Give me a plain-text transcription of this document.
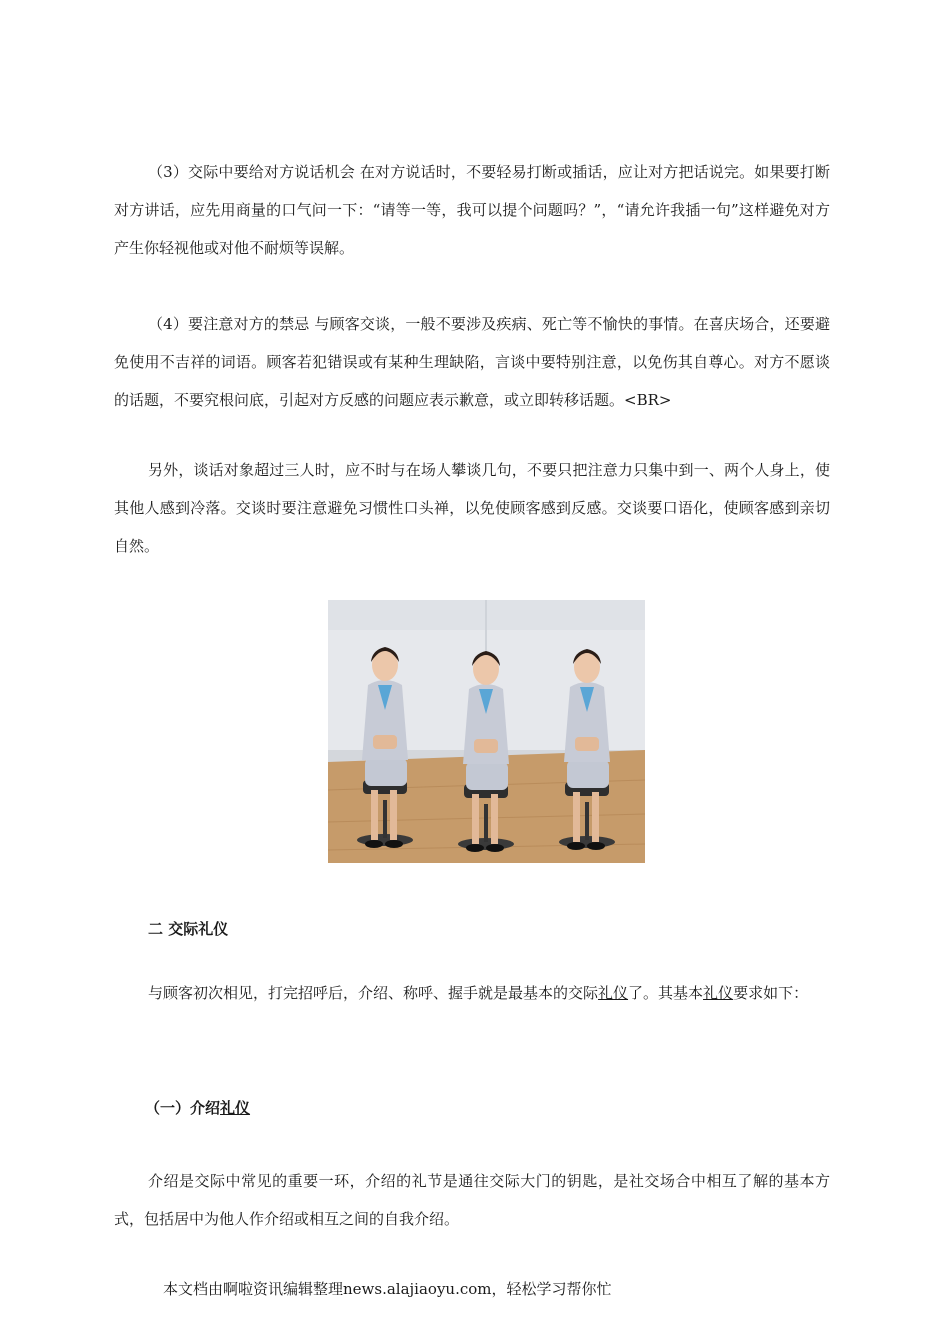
（3）交际中要给对方说话机会 在对方说话时，不要轻易打断或插话，应让对方把话说完。如果要打断对方讲话，应先用商量的口气问一下：“请等一等，我可以提个问题吗？”，“请允许我插一句”这样避免对方产生你轻视他或对他不耐烦等误解。

（4）要注意对方的禁忌 与顾客交谈，一般不要涉及疾病、死亡等不愉快的事情。在喜庆场合，还要避免使用不吉祥的词语。顾客若犯错误或有某种生理缺陷，言谈中要特别注意，以免伤其自尊心。对方不愿谈的话题，不要究根问底，引起对方反感的问题应表示歉意，或立即转移话题。<BR>

另外，谈话对象超过三人时，应不时与在场人攀谈几句，不要只把注意力只集中到一、两个人身上，使其他人感到冷落。交谈时要注意避免习惯性口头禅，以免使顾客感到反感。交谈要口语化，使顾客感到亲切自然。

二 交际礼仪

与顾客初次相见，打完招呼后，介绍、称呼、握手就是最基本的交际礼仪了。其基本礼仪要求如下：

（一）介绍礼仪

介绍是交际中常见的重要一环，介绍的礼节是通往交际大门的钥匙，是社交场合中相互了解的基本方式，包括居中为他人作介绍或相互之间的自我介绍。

本文档由啊啦资讯编辑整理news.alajiaoyu.com，轻松学习帮你忙
